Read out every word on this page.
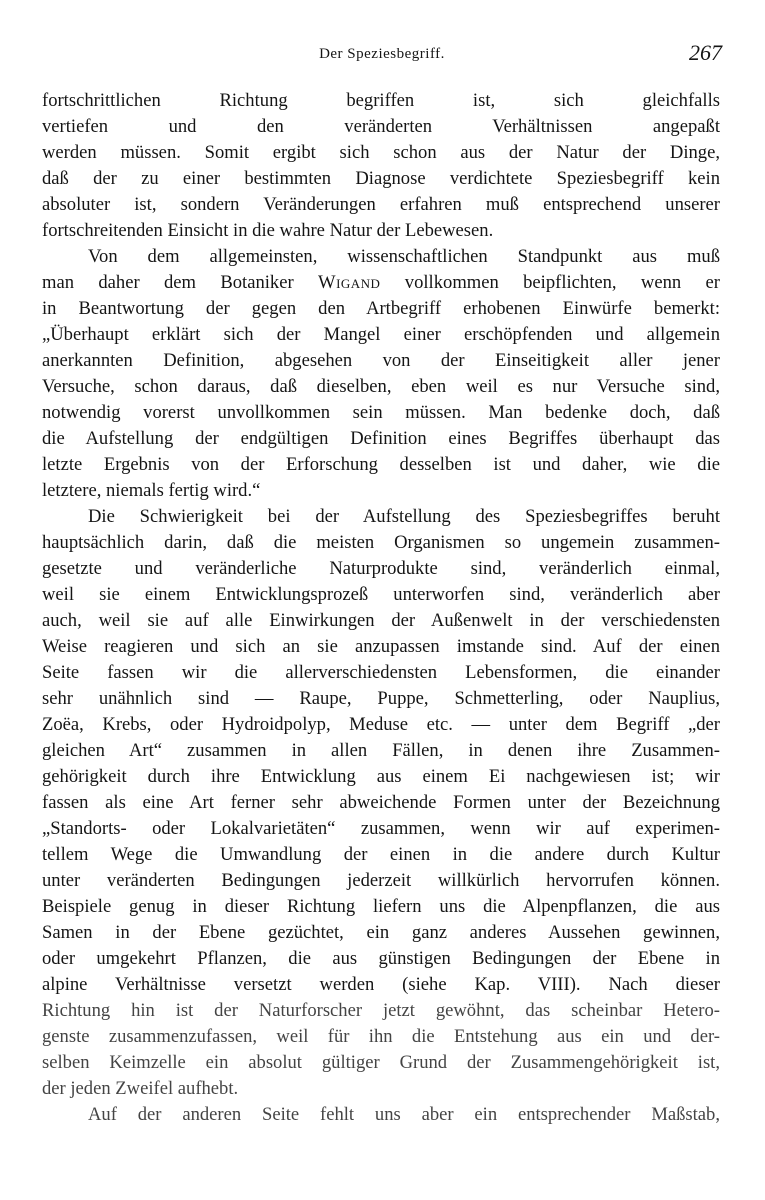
Der Speziesbegriff.	267
fortschrittlichen Richtung begriffen ist, sich gleichfalls
vertiefen und den veränderten Verhältnissen angepaßt
werden müssen. Somit ergibt sich schon aus der Natur der Dinge,
daß der zu einer bestimmten Diagnose verdichtete Speziesbegriff kein
absoluter ist, sondern Veränderungen erfahren muß entsprechend unserer
fortschreitenden Einsicht in die wahre Natur der Lebewesen.
Von dem allgemeinsten, wissenschaftlichen Standpunkt aus muß
man daher dem Botaniker Wigand vollkommen beipflichten, wenn er
in Beantwortung der gegen den Artbegriff erhobenen Einwürfe bemerkt:
„Überhaupt erklärt sich der Mangel einer erschöpfenden und allgemein
anerkannten Definition, abgesehen von der Einseitigkeit aller jener
Versuche, schon daraus, daß dieselben, eben weil es nur Versuche sind,
notwendig vorerst unvollkommen sein müssen. Man bedenke doch, daß
die Aufstellung der endgültigen Definition eines Begriffes überhaupt das
letzte Ergebnis von der Erforschung desselben ist und daher, wie die
letztere, niemals fertig wird.“
Die Schwierigkeit bei der Aufstellung des Speziesbegriffes beruht
hauptsächlich darin, daß die meisten Organismen so ungemein zusammen-
gesetzte und veränderliche Naturprodukte sind, veränderlich einmal,
weil sie einem Entwicklungsprozeß unterworfen sind, veränderlich aber
auch, weil sie auf alle Einwirkungen der Außenwelt in der verschiedensten
Weise reagieren und sich an sie anzupassen imstande sind. Auf der einen
Seite fassen wir die allerverschiedensten Lebensformen, die einander
sehr unähnlich sind — Raupe, Puppe, Schmetterling, oder Nauplius,
Zoëa, Krebs, oder Hydroidpolyp, Meduse etc. — unter dem Begriff „der
gleichen Art“ zusammen in allen Fällen, in denen ihre Zusammen-
gehörigkeit durch ihre Entwicklung aus einem Ei nachgewiesen ist; wir
fassen als eine Art ferner sehr abweichende Formen unter der Bezeichnung
„Standorts- oder Lokalvarietäten“ zusammen, wenn wir auf experimen-
tellem Wege die Umwandlung der einen in die andere durch Kultur
unter veränderten Bedingungen jederzeit willkürlich hervorrufen können.
Beispiele genug in dieser Richtung liefern uns die Alpenpflanzen, die aus
Samen in der Ebene gezüchtet, ein ganz anderes Aussehen gewinnen,
oder umgekehrt Pflanzen, die aus günstigen Bedingungen der Ebene in
alpine Verhältnisse versetzt werden (siehe Kap. VIII). Nach dieser
Richtung hin ist der Naturforscher jetzt gewöhnt, das scheinbar Hetero-
genste zusammenzufassen, weil für ihn die Entstehung aus ein und der-
selben Keimzelle ein absolut gültiger Grund der Zusammengehörigkeit ist,
der jeden Zweifel aufhebt.
Auf der anderen Seite fehlt uns aber ein entsprechender Maßstab,
